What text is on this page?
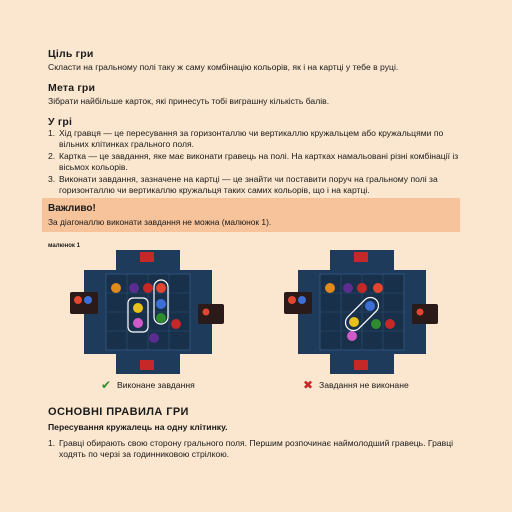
Ціль гри
Скласти на гральному полі таку ж саму комбінацію кольорів, як і на картці у тебе в руці.
Мета гри
Зібрати найбільше карток, які принесуть тобі виграшну кількість балів.
У грі
1. Хід гравця — це пересування за горизонталлю чи вертикаллю кружальцем або кружальцями по вільних клітинках грального поля.
2. Картка — це завдання, яке має виконати гравець на полі. На картках намальовані різні комбінації із вісьмох кольорів.
3. Виконати завдання, зазначене на картці — це знайти чи поставити поруч на гральному полі за горизонталлю чи вертикаллю кружальця таких самих кольорів, що і на картці.
Важливо!
За діагоналлю виконати завдання не можна (малюнок 1).
малюнок 1
✔ Виконане завдання	✖ Завдання не виконане
ОСНОВНІ ПРАВИЛА ГРИ
Пересування кружалець на одну клітинку.
1. Гравці обирають свою сторону грального поля. Першим розпочинає наймолодший гравець. Гравці ходять по черзі за годинниковою стрілкою.
